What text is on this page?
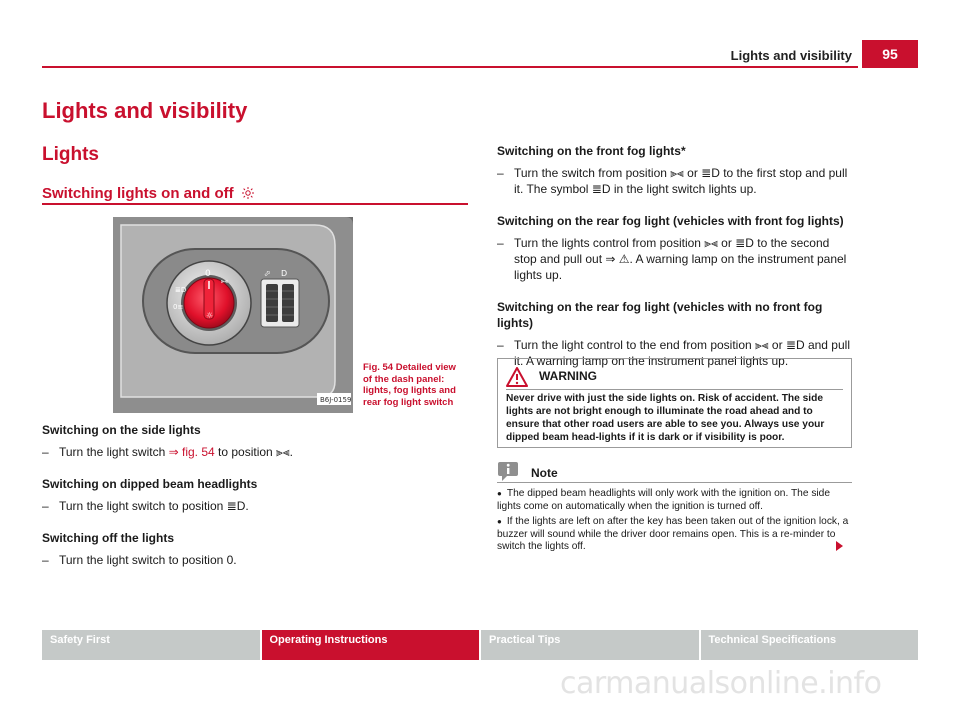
Lights and visibility	95
Lights and visibility
Lights
Switching lights on and off
☼
0
⫸⫷
≣D
0≡
⬀ D
B6J-0159
Fig. 54 Detailed view of the dash panel: lights, fog lights and rear fog light switch
Switching on the side lights
– Turn the light switch ⇒ fig. 54 to position ⫸⫷.
Switching on dipped beam headlights
– Turn the light switch to position ≣D.
Switching off the lights
– Turn the light switch to position 0.
Switching on the front fog lights*
– Turn the switch from position ⫸⫷ or ≣D to the first stop and pull it. The symbol ≣D in the light switch lights up.
Switching on the rear fog light (vehicles with front fog lights)
– Turn the lights control from position ⫸⫷ or ≣D to the second stop and pull out ⇒ ⚠. A warning lamp on the instrument panel lights up.
Switching on the rear fog light (vehicles with no front fog lights)
– Turn the light control to the end from position ⫸⫷ or ≣D and pull it. A warning lamp on the instrument panel lights up.
WARNING
Never drive with just the side lights on. Risk of accident. The side lights are not bright enough to illuminate the road ahead and to ensure that other road users are able to see you. Always use your dipped beam head-lights if it is dark or if visibility is poor.
Note
● The dipped beam headlights will only work with the ignition on. The side lights come on automatically when the ignition is turned off.
● If the lights are left on after the key has been taken out of the ignition lock, a buzzer will sound while the driver door remains open. This is a re-minder to switch the lights off.
Safety First	Operating Instructions	Practical Tips	Technical Specifications
carmanualsonline.info
